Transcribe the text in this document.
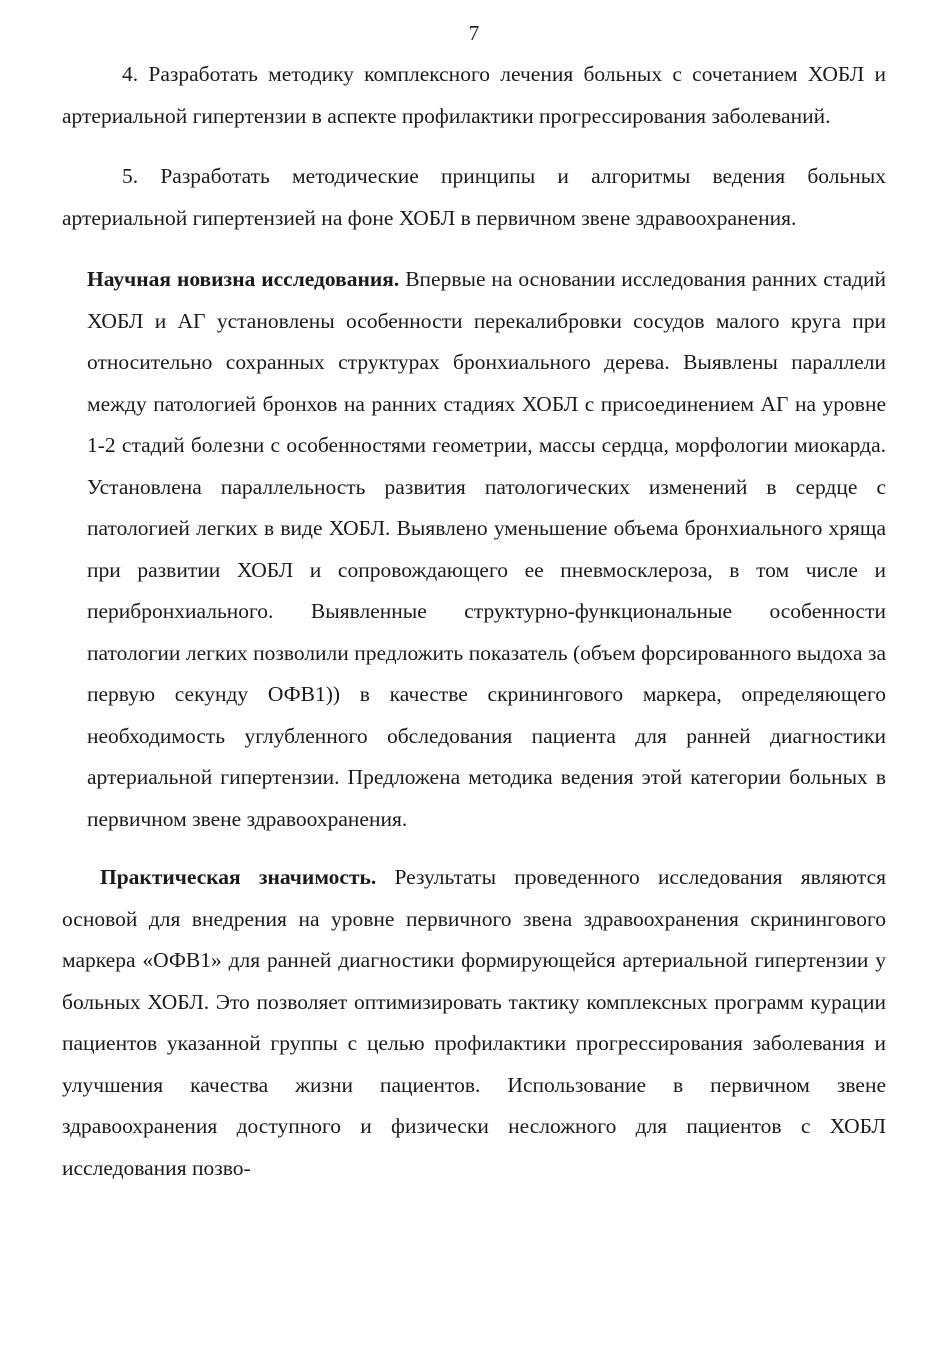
7

4. Разработать методику комплексного лечения больных с сочетанием ХОБЛ и артериальной гипертензии в аспекте профилактики прогрессирования заболеваний.

5. Разработать методические принципы и алгоритмы ведения больных артериальной гипертензией на фоне ХОБЛ в первичном звене здравоохранения.

Научная новизна исследования. Впервые на основании исследования ранних стадий ХОБЛ и АГ установлены особенности перекалибровки сосудов малого круга при относительно сохранных структурах бронхиального дерева. Выявлены параллели между патологией бронхов на ранних стадиях ХОБЛ с присоединением АГ на уровне 1-2 стадий болезни с особенностями геометрии, массы сердца, морфологии миокарда. Установлена параллельность развития патологических изменений в сердце с патологией легких в виде ХОБЛ. Выявлено уменьшение объема бронхиального хряща при развитии ХОБЛ и сопровождающего ее пневмосклероза, в том числе и перибронхиального. Выявленные структурно-функциональные особенности патологии легких позволили предложить показатель (объем форсированного выдоха за первую секунду ОФВ1)) в качестве скринингового маркера, определяющего необходимость углубленного обследования пациента для ранней диагностики артериальной гипертензии. Предложена методика ведения этой категории больных в первичном звене здравоохранения.

Практическая значимость. Результаты проведенного исследования являются основой для внедрения на уровне первичного звена здравоохранения скринингового маркера «ОФВ1» для ранней диагностики формирующейся артериальной гипертензии у больных ХОБЛ. Это позволяет оптимизировать тактику комплексных программ курации пациентов указанной группы с целью профилактики прогрессирования заболевания и улучшения качества жизни пациентов. Использование в первичном звене здравоохранения доступного и физически несложного для пациентов с ХОБЛ исследования позво-
